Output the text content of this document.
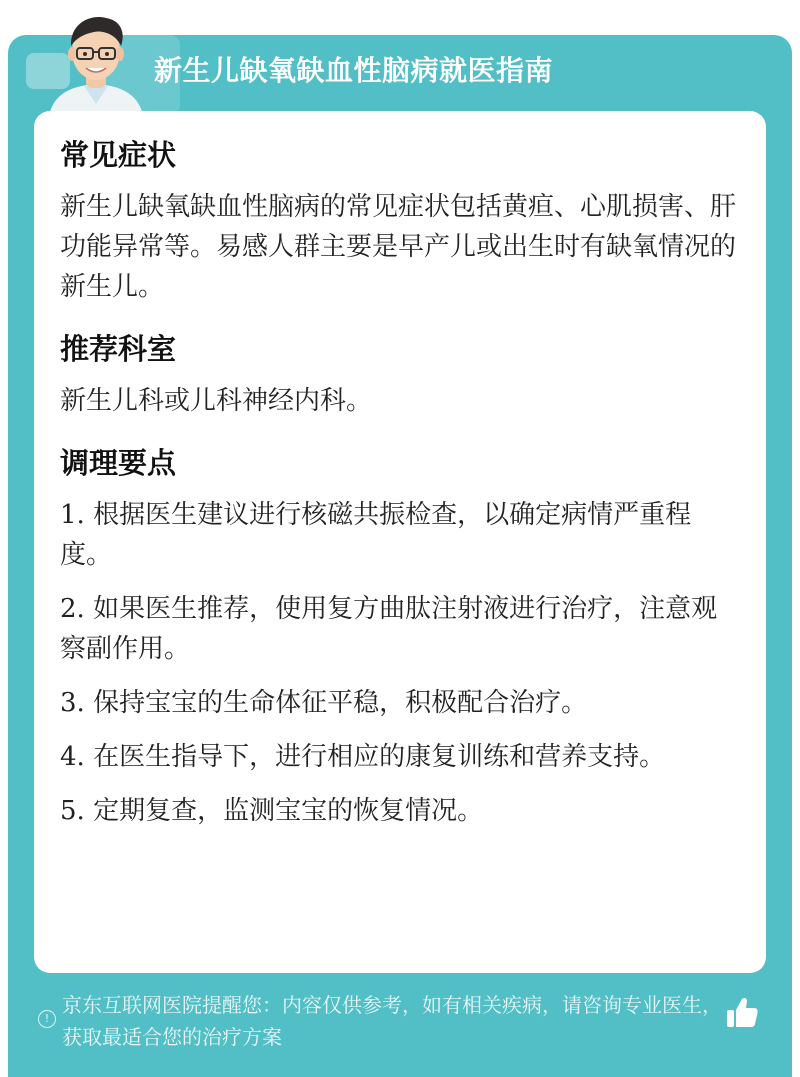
新生儿缺氧缺血性脑病就医指南
常见症状
新生儿缺氧缺血性脑病的常见症状包括黄疸、心肌损害、肝功能异常等。易感人群主要是早产儿或出生时有缺氧情况的新生儿。
推荐科室
新生儿科或儿科神经内科。
调理要点
1. 根据医生建议进行核磁共振检查，以确定病情严重程度。
2. 如果医生推荐，使用复方曲肽注射液进行治疗，注意观察副作用。
3. 保持宝宝的生命体征平稳，积极配合治疗。
4. 在医生指导下，进行相应的康复训练和营养支持。
5. 定期复查，监测宝宝的恢复情况。
!
京东互联网医院提醒您：内容仅供参考，如有相关疾病，请咨询专业医生，获取最适合您的治疗方案
